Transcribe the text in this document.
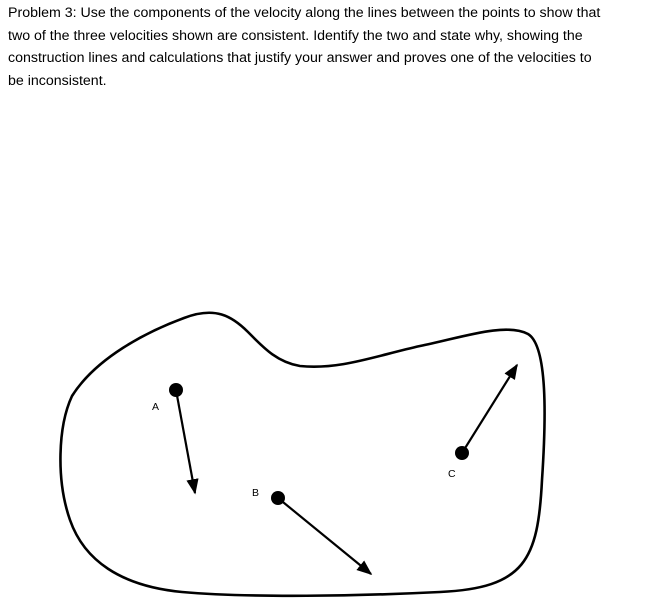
Problem 3: Use the components of the velocity along the lines between the points to show that
two of the three velocities shown are consistent. Identify the two and state why, showing the
construction lines and calculations that justify your answer and proves one of the velocities to
be inconsistent.
A
B
C
